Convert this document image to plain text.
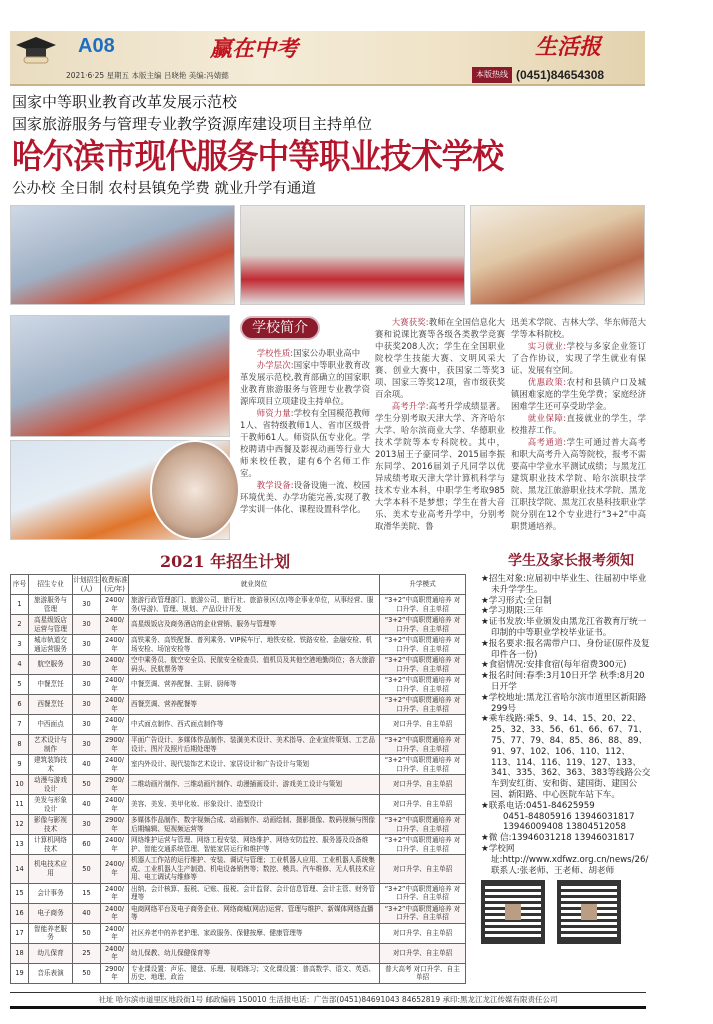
A08
2021·6·25 星期五 本版主编 吕晓艳 美编:冯婧懿
赢在中考	生活报
本版热线 (0451)84654308
国家中等职业教育改革发展示范校
国家旅游服务与管理专业教学资源库建设项目主持单位
哈尔滨市现代服务中等职业技术学校
公办校 全日制 农村县镇免学费 就业升学有通道
学校简介

学校性质:国家公办职业高中

办学层次:国家中等职业教育改革发展示范校,教育部确立的国家职业教育旅游服务与管理专业教学资源库项目立项建设主持单位。

师资力量:学校有全国模范教师1人、省特级教师1人、省市区级骨干教师61人。师资队伍专业化。学校聘请中西餐及影视动画等行业大师来校任教，建有6个名师工作室。

教学设备:设备设施一流、校园环境优美、办学功能完善,实现了教学实训一体化、课程设置科学化。

大赛获奖:教师在全国信息化大赛和说课比赛等各级各类教学竞赛中获奖208人次；学生在全国职业院校学生技能大赛、文明风采大赛、创业大赛中，获国家二等奖3项、国家三等奖12项，省市级获奖百余项。

高考升学:高考升学成绩显著。学生分别考取天津大学、齐齐哈尔大学、哈尔滨商业大学、华德职业技术学院等本专科院校。其中，2013届王子豪同学、2015届李振东同学、2016届刘子凡同学以优异成绩考取天津大学计算机科学与技术专业本科，中职学生考取985大学本科不是梦想；学生在普大音乐、美术专业高考升学中，分别考取滑华美院、鲁

迅美术学院、吉林大学、华东师范大学等本科院校。

实习就业:学校与多家企业签订了合作协议，实现了学生就业有保证、发展有空间。

优惠政策:农村和县镇户口及城镇困难家庭的学生免学费；家庭经济困难学生还可享受助学金。

就业保障:直接就业的学生，学校推荐工作。

高考通道:学生可通过普大高考和职大高考升入高等院校，报考不需要高中学业水平测试成绩；与黑龙江建筑职业技术学院、哈尔滨职技学院、黑龙江旅游职业技术学院、黑龙江职技学院、黑龙江农垦科技职业学院分别在12个专业进行“3+2”中高职贯通培养。

2021 年招生计划
序号	招生专业	计划招生(人)	收费标准(元/年)	就业岗位	升学模式
1	旅游服务与管理	30	2400/年	旅游行政管理部门、旅游公司、旅行社、旅游景区(点)等企事业单位，从事经营、服务(导游)、管理、规划、产品设计开发	“3+2”中高职贯通培养 对口升学、自主单招
2	高星级饭店运营与管理	30	2400/年	高星级饭店及商务酒店的企业营销、服务与管理等	“3+2”中高职贯通培养 对口升学、自主单招
3	城市轨道交通运营服务	30	2400/年	高铁乘务、高铁配餐、普列乘务、VIP候车厅、地铁安检、铁路安检、金融安检、机场安检、场馆安检等	“3+2”中高职贯通培养 对口升学、自主单招
4	航空服务	30	2400/年	空中乘务员、航空安全员、民航安全检查员、值机员及其他空港地勤岗位；各大旅游码头、民航票务等	“3+2”中高职贯通培养 对口升学、自主单招
5	中餐烹饪	30	2400/年	中餐烹调、营养配餐、主厨、厨师等	“3+2”中高职贯通培养 对口升学、自主单招
6	西餐烹饪	30	2400/年	西餐烹调、营养配餐等	“3+2”中高职贯通培养 对口升学、自主单招
7	中西面点	30	2400/年	中式面点制作、西式面点制作等	对口升学、自主单招
8	艺术设计与制作	30	2900/年	平面广告设计、多媒体作品制作、装潢美术设计、美术指导、企业宣传策划、工艺品设计、图片及照片后期处理等	“3+2”中高职贯通培养 对口升学、自主单招
9	建筑装饰技术	40	2400/年	室内外设计、现代装饰艺术设计、家居设计和广告设计与策划	“3+2”中高职贯通培养 对口升学、自主单招
10	动漫与游戏设计	50	2900/年	二维动画片制作、三维动画片制作、动漫插画设计、游戏美工设计与策划	对口升学、自主单招
11	美发与形象设计	40	2400/年	美容、美发、美甲化妆、形象设计、造型设计	对口升学、自主单招
12	影像与影视技术	30	2900/年	多媒体作品制作、数字视频合成、动画制作、动画绘制、摄影摄像、数码视频与图像后期编辑、短视频运营等	“3+2”中高职贯通培养 对口升学、自主单招
13	计算机网络技术	60	2400/年	网络维护运营与管理、网络工程安装、网络维护、网络安防监控、服务器及设备维护、智能交通系统管理、智能家居运行和维护等	“3+2”中高职贯通培养 对口升学、自主单招
14	机电技术应用	50	2400/年	机器人工作站的运行维护、安装、调试与管理；工业机器人应用、工业机器人系统集成、工业机器人生产制造、机电设备销售等；数控、模具、汽车维修、无人机技术应用、电工调试与维修等	对口升学、自主单招
15	会计事务	15	2400/年	出纳、会计核算、报税、记账、报税、会计监督、会计信息管理、会计主管、财务管理等	“3+2”中高职贯通培养 对口升学、自主单招
16	电子商务	40	2400/年	电商网络平台及电子商务企业、网络商城(网店)运营、管理与维护、新媒体网络直播等	“3+2”中高职贯通培养 对口升学、自主单招
17	智能养老服务	50	2400/年	社区养老中的养老护理、家政服务、保健按摩、健康管理等	对口升学、自主单招
18	幼儿保育	25	2400/年	幼儿保教、幼儿保健保育等	对口升学、自主单招
19	音乐表演	50	2900/年	专业课设置：声乐、键盘、乐理、视唱练习；文化课设置：普高数学、语文、英语、历史、地理、政治	普大高考 对口升学、自主单招
学生及家长报考须知
★招生对象:应届初中毕业生、往届初中毕业未升学学生。
★学习形式:全日制
★学习期限:三年
★证书发放:毕业颁发由黑龙江省教育厅统一印制的中等职业学校毕业证书。
★报名要求:报名需带户口、身份证(原件及复印件各一份)
★食宿情况:安排食宿(每年宿费300元)
★报名时间:春季:3月10日开学 秋季:8月20日开学
★学校地址:黑龙江省哈尔滨市道里区新阳路299号
★乘车线路:乘5、9、14、15、20、22、25、32、33、56、61、66、67、71、75、77、79、84、85、86、88、89、91、97、102、106、110、112、113、114、116、119、127、133、341、335、362、363、383等线路公交车到安红街、安和街、建国街、建国公园、新阳路、中心医院车站下车。
★联系电话:0451-84625959
0451-84805916 13946031817
13946009408 13804512058
★微 信:13946031218 13946031817
★学校网址:http://www.xdfwz.org.cn/news/26/
联系人:张老师、王老师、胡老师
社址 哈尔滨市道里区地段街1号 邮政编码 150010 生活报电话：广告部(0451)84691043 84652819 承印:黑龙江龙江传媒有限责任公司
